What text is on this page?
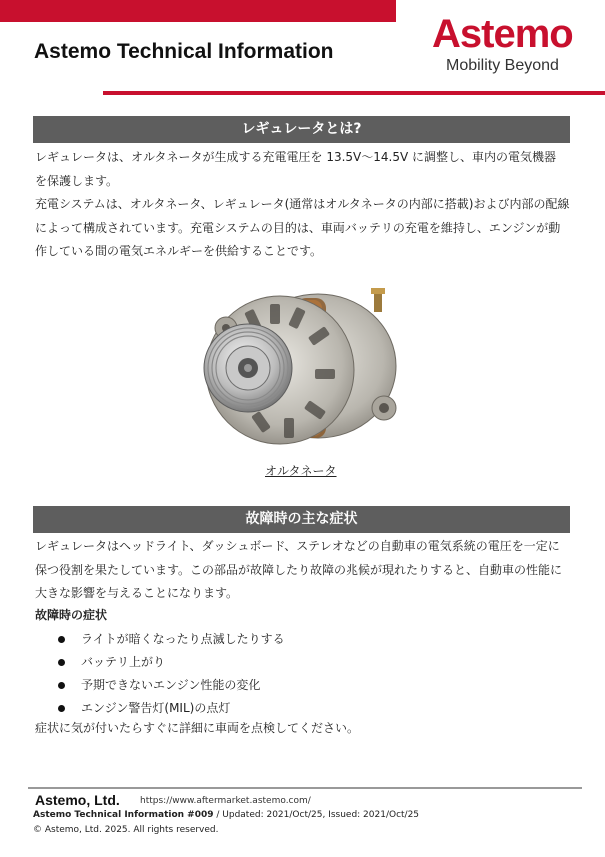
Astemo Technical Information Astemo
Mobility Beyond
レギュレータとは?
レギュレータは、オルタネータが生成する充電電圧を 13.5V～14.5V に調整し、車内の電気機器
を保護します。
充電システムは、オルタネータ、レギュレータ(通常はオルタネータの内部に搭載)および内部の配線
によって構成されています。充電システムの目的は、車両バッテリの充電を維持し、エンジンが動
作している間の電気エネルギーを供給することです。
オルタネータ
故障時の主な症状
レギュレータはヘッドライト、ダッシュボード、ステレオなどの自動車の電気系統の電圧を一定に
保つ役割を果たしています。この部品が故障したり故障の兆候が現れたりすると、自動車の性能に
大きな影響を与えることになります。
故障時の症状
ライトが暗くなったり点滅したりする
バッテリ上がり
予期できないエンジン性能の変化
エンジン警告灯(MIL)の点灯
症状に気が付いたらすぐに詳細に車両を点検してください。
Astemo, Ltd. https://www.aftermarket.astemo.com/
Astemo Technical Information #009 / Updated: 2021/Oct/25, Issued: 2021/Oct/25
© Astemo, Ltd. 2025. All rights reserved.
